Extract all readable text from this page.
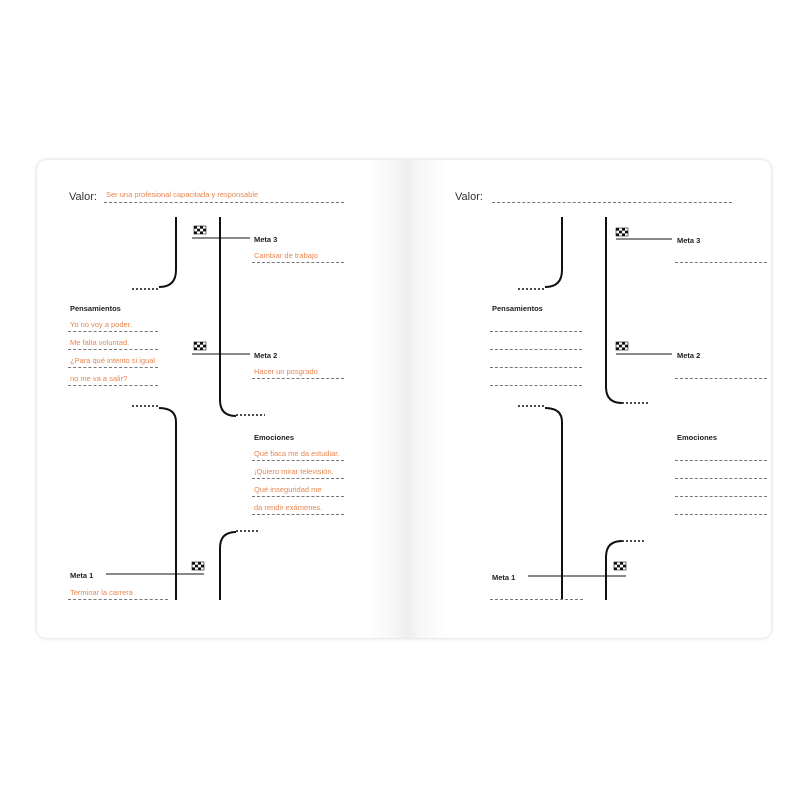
Valor: Ser una profesional capacitada y responsable
Meta 3
Cambiar de trabajo
Meta 2
Hacer un posgrado
Meta 1
Terminar la carrera
Pensamientos
Yo no voy a poder.
Me falta voluntad.
¿Para qué intento si igual
no me va a salir?
Emociones
Qué fiaca me da estudiar.
¡Quiero mirar televisión.
Qué inseguridad me
da rendir exámenes.
Valor:
Meta 3
Meta 2
Meta 1
Pensamientos
Emociones
